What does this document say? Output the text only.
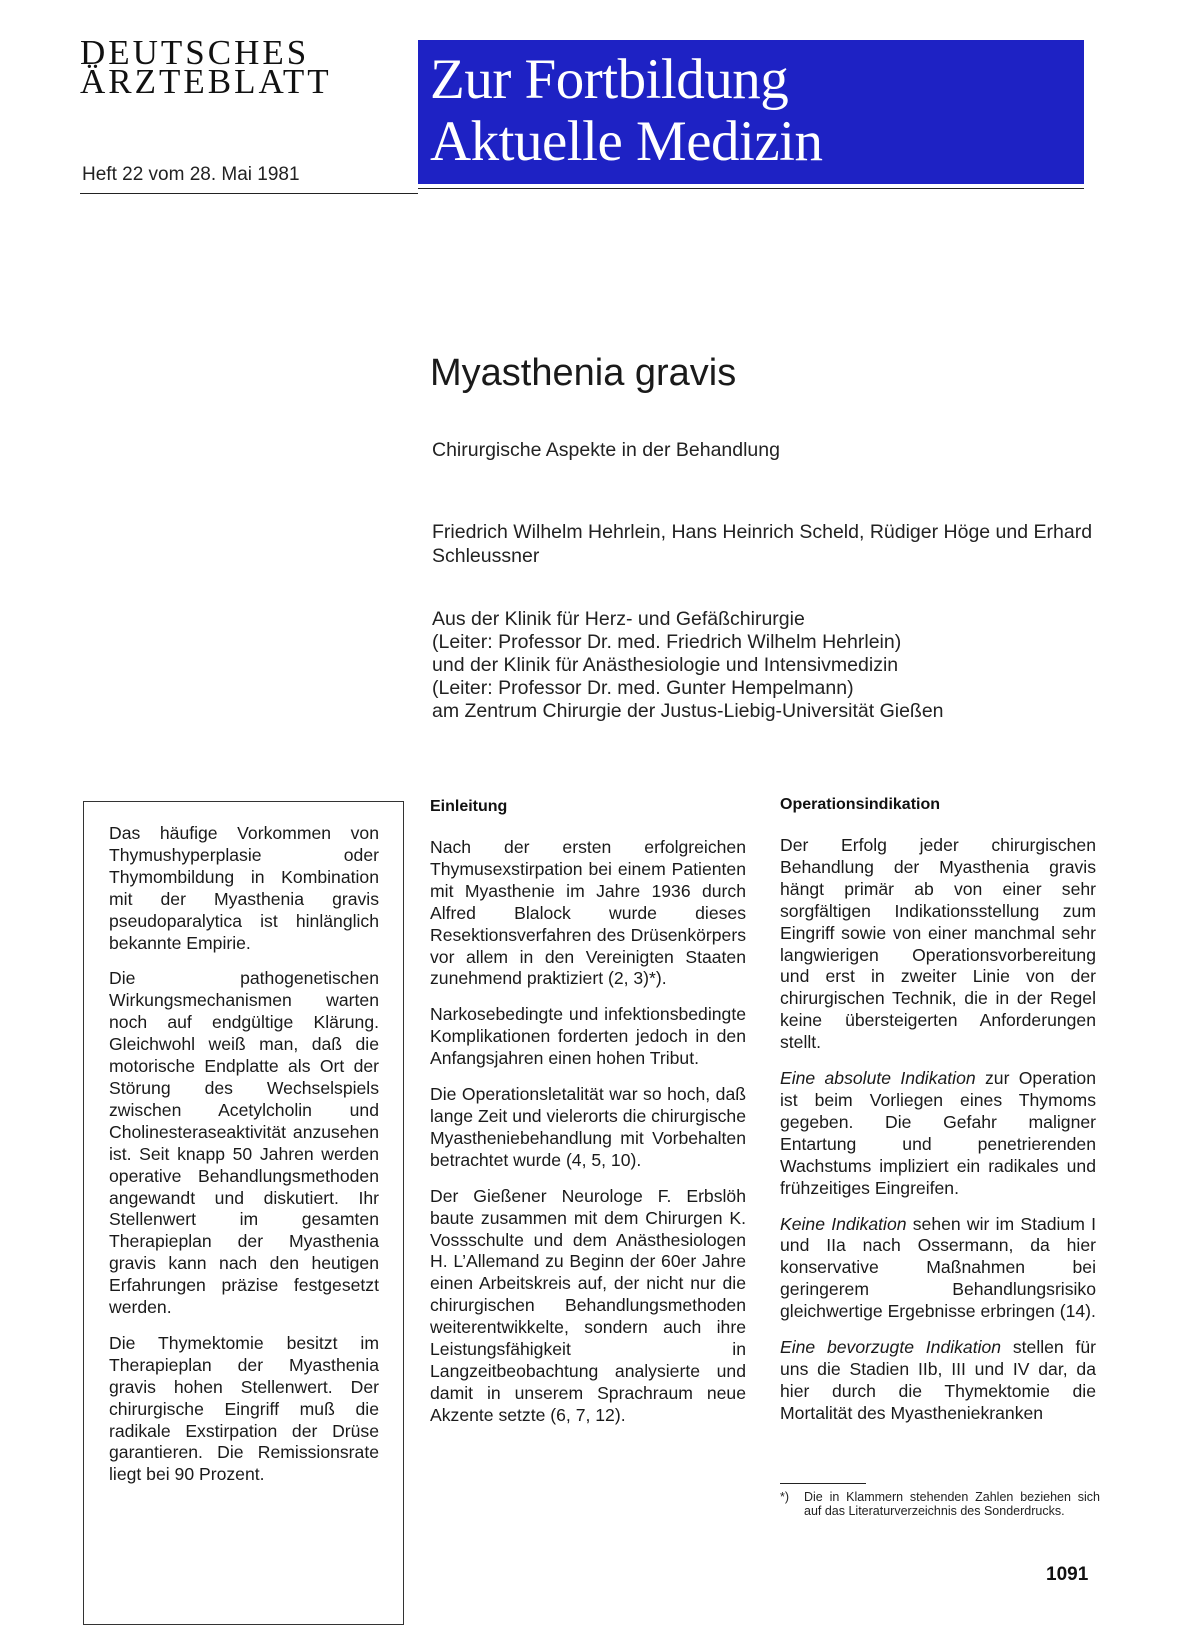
DEUTSCHES
ÄRZTEBLATT
Heft 22 vom 28. Mai 1981
Zur Fortbildung
Aktuelle Medizin
Myasthenia gravis
Chirurgische Aspekte in der Behandlung
Friedrich Wilhelm Hehrlein, Hans Heinrich Scheld, Rüdiger Höge und Erhard Schleussner
Aus der Klinik für Herz- und Gefäßchirurgie
(Leiter: Professor Dr. med. Friedrich Wilhelm Hehrlein)
und der Klinik für Anästhesiologie und Intensivmedizin
(Leiter: Professor Dr. med. Gunter Hempelmann)
am Zentrum Chirurgie der Justus-Liebig-Universität Gießen

Das häufige Vorkommen von Thymushyperplasie oder Thymombildung in Kombination mit der Myasthenia gravis pseudoparalytica ist hinlänglich bekannte Empirie.

Die pathogenetischen Wirkungsmechanismen warten noch auf endgültige Klärung. Gleichwohl weiß man, daß die motorische Endplatte als Ort der Störung des Wechselspiels zwischen Acetylcholin und Cholinesteraseaktivität anzusehen ist. Seit knapp 50 Jahren werden operative Behandlungsmethoden angewandt und diskutiert. Ihr Stellenwert im gesamten Therapieplan der Myasthenia gravis kann nach den heutigen Erfahrungen präzise festgesetzt werden.

Die Thymektomie besitzt im Therapieplan der Myasthenia gravis hohen Stellenwert. Der chirurgische Eingriff muß die radikale Exstirpation der Drüse garantieren. Die Remissionsrate liegt bei 90 Prozent.

Einleitung

Nach der ersten erfolgreichen Thymusexstirpation bei einem Patienten mit Myasthenie im Jahre 1936 durch Alfred Blalock wurde dieses Resektionsverfahren des Drüsenkörpers vor allem in den Vereinigten Staaten zunehmend praktiziert (2, 3)*).

Narkosebedingte und infektionsbedingte Komplikationen forderten jedoch in den Anfangsjahren einen hohen Tribut.

Die Operationsletalität war so hoch, daß lange Zeit und vielerorts die chirurgische Myastheniebehandlung mit Vorbehalten betrachtet wurde (4, 5, 10).

Der Gießener Neurologe F. Erbslöh baute zusammen mit dem Chirurgen K. Vossschulte und dem Anästhesiologen H. L’Allemand zu Beginn der 60er Jahre einen Arbeitskreis auf, der nicht nur die chirurgischen Behandlungsmethoden weiterentwikkelte, sondern auch ihre Leistungsfähigkeit in Langzeitbeobachtung analysierte und damit in unserem Sprachraum neue Akzente setzte (6, 7, 12).

Operationsindikation

Der Erfolg jeder chirurgischen Behandlung der Myasthenia gravis hängt primär ab von einer sehr sorgfältigen Indikationsstellung zum Eingriff sowie von einer manchmal sehr langwierigen Operationsvorbereitung und erst in zweiter Linie von der chirurgischen Technik, die in der Regel keine übersteigerten Anforderungen stellt.

Eine absolute Indikation zur Operation ist beim Vorliegen eines Thymoms gegeben. Die Gefahr maligner Entartung und penetrierenden Wachstums impliziert ein radikales und frühzeitiges Eingreifen.

Keine Indikation sehen wir im Stadium I und IIa nach Ossermann, da hier konservative Maßnahmen bei geringerem Behandlungsrisiko gleichwertige Ergebnisse erbringen (14).

Eine bevorzugte Indikation stellen für uns die Stadien IIb, III und IV dar, da hier durch die Thymektomie die Mortalität des Myastheniekranken

*) Die in Klammern stehenden Zahlen beziehen sich auf das Literaturverzeichnis des Sonderdrucks.
1091
